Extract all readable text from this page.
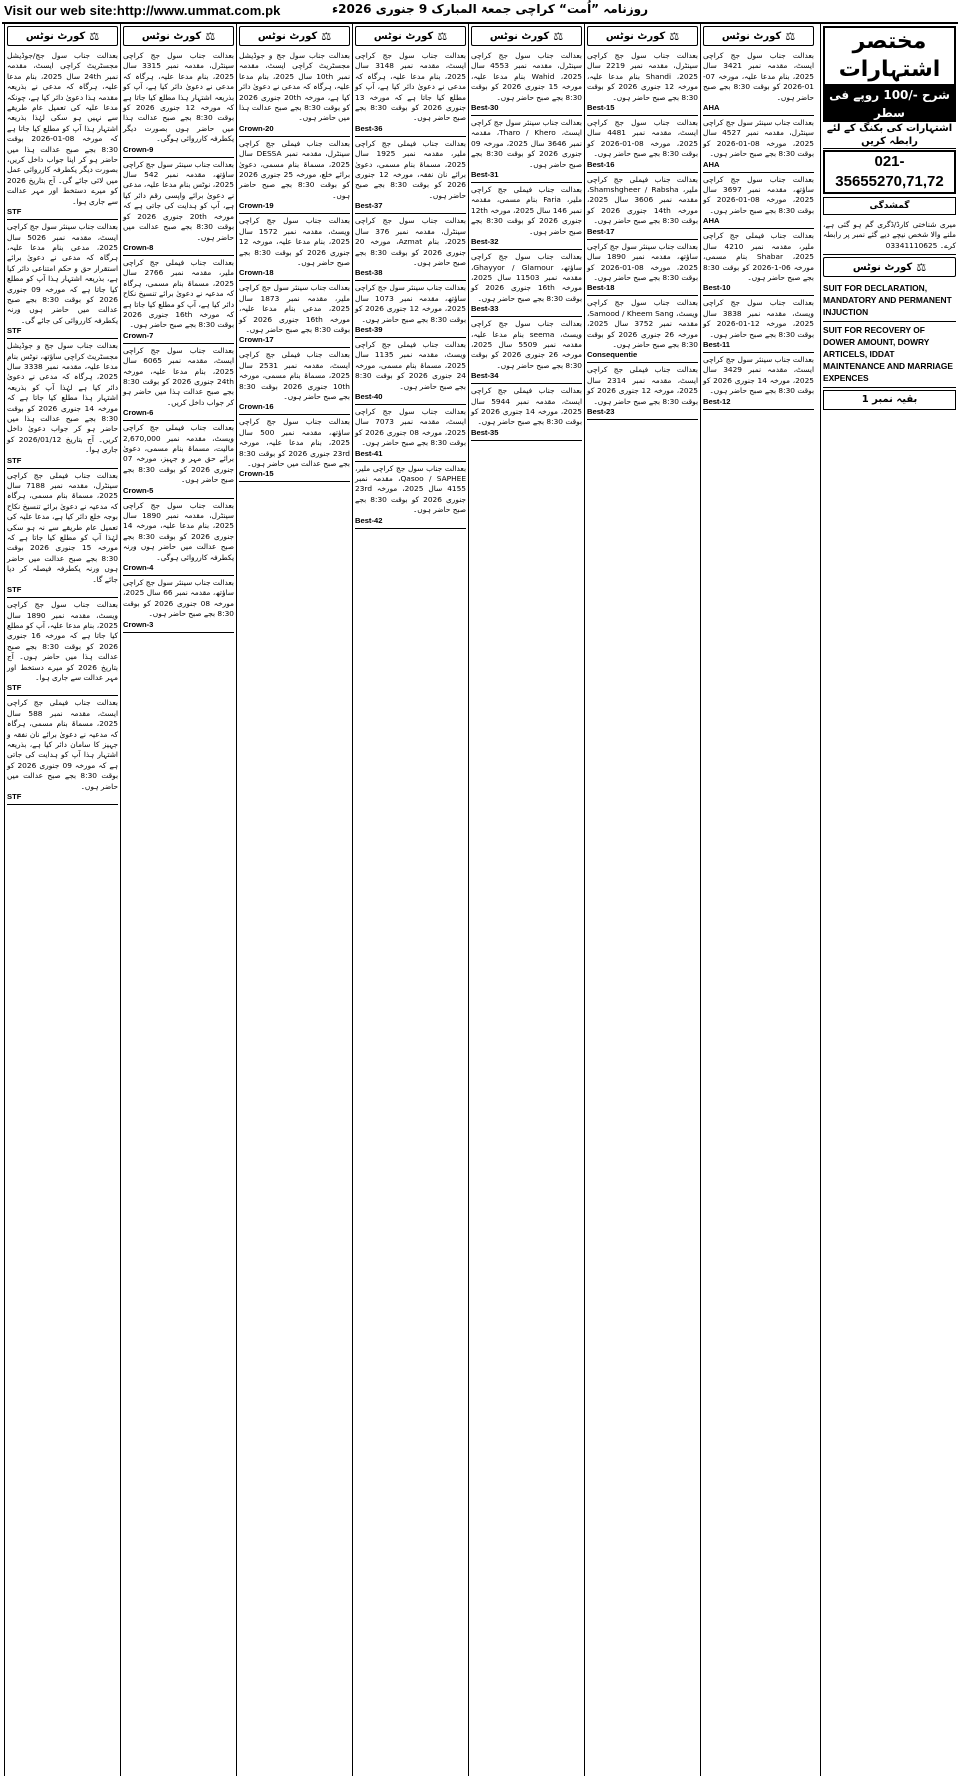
Visit our web site:http://www.ummat.com.pk	روزنامہ ”اُمت“ کراچی جمعۃ المبارک 9 جنوری 2026ء
⚖
کورٹ نوٹس
بعدالت جناب سول جج/جوڈیشل مجسٹریٹ کراچی ایسٹ، مقدمہ نمبر 24th سال 2025، بنام مدعا علیہ، ہرگاہ کہ مدعی نے بذریعہ مقدمہ ہذا دعویٰ دائر کیا ہے، چونکہ مدعا علیہ کی تعمیل عام طریقے سے نہیں ہو سکی لہٰذا بذریعہ اشتہار ہذا آپ کو مطلع کیا جاتا ہے کہ مورخہ 08-01-2026 بوقت 8:30 بجے صبح عدالت ہذا میں حاضر ہو کر اپنا جواب داخل کریں، بصورت دیگر یکطرفہ کارروائی عمل میں لائی جائے گی۔ آج بتاریخ 2026 کو میرے دستخط اور مہر عدالت سے جاری ہوا۔
STF
بعدالت جناب سینئر سول جج کراچی ایسٹ، مقدمہ نمبر 5026 سال 2025، مدعی بنام مدعا علیہ، ہرگاہ کہ مدعی نے دعویٰ برائے استقرار حق و حکم امتناعی دائر کیا ہے، بذریعہ اشتہار ہذا آپ کو مطلع کیا جاتا ہے کہ مورخہ 09 جنوری 2026 کو بوقت 8:30 بجے صبح عدالت میں حاضر ہوں ورنہ یکطرفہ کارروائی کی جائے گی۔
STF
بعدالت جناب سول جج و جوڈیشل مجسٹریٹ کراچی ساؤتھ، نوٹس بنام مدعا علیہ، مقدمہ نمبر 3338 سال 2025، ہرگاہ کہ مدعی نے دعویٰ دائر کیا ہے لہٰذا آپ کو بذریعہ اشتہار ہذا مطلع کیا جاتا ہے کہ مورخہ 14 جنوری 2026 کو بوقت 8:30 بجے صبح عدالت ہذا میں حاضر ہو کر جواب دعویٰ داخل کریں۔ آج بتاریخ 2026/01/12 کو جاری ہوا۔
STF
بعدالت جناب فیملی جج کراچی سینٹرل، مقدمہ نمبر 7188 سال 2025، مسماۃ بنام مسمی، ہرگاہ کہ مدعیہ نے دعویٰ برائے تنسیخ نکاح بوجہ خلع دائر کیا ہے، مدعا علیہ کی تعمیل عام طریقے سے نہ ہو سکی لہٰذا آپ کو مطلع کیا جاتا ہے کہ مورخہ 15 جنوری 2026 بوقت 8:30 بجے صبح عدالت میں حاضر ہوں ورنہ یکطرفہ فیصلہ کر دیا جائے گا۔
STF
بعدالت جناب سول جج کراچی ویسٹ، مقدمہ نمبر 1890 سال 2025، بنام مدعا علیہ، آپ کو مطلع کیا جاتا ہے کہ مورخہ 16 جنوری 2026 کو بوقت 8:30 بجے صبح عدالت ہذا میں حاضر ہوں۔ آج بتاریخ 2026 کو میرے دستخط اور مہر عدالت سے جاری ہوا۔
STF
بعدالت جناب فیملی جج کراچی ایسٹ، مقدمہ نمبر 588 سال 2025، مسماۃ بنام مسمی، ہرگاہ کہ مدعیہ نے دعویٰ برائے نان نفقہ و جہیز کا سامان دائر کیا ہے، بذریعہ اشتہار ہذا آپ کو ہدایت کی جاتی ہے کہ مورخہ 09 جنوری 2026 کو بوقت 8:30 بجے صبح عدالت میں حاضر ہوں۔
STF
⚖
کورٹ نوٹس
بعدالت جناب سول جج کراچی سینٹرل، مقدمہ نمبر 3315 سال 2025، بنام مدعا علیہ، ہرگاہ کہ مدعی نے دعویٰ دائر کیا ہے، آپ کو بذریعہ اشتہار ہذا مطلع کیا جاتا ہے کہ مورخہ 12 جنوری 2026 کو بوقت 8:30 بجے صبح عدالت ہذا میں حاضر ہوں بصورت دیگر یکطرفہ کارروائی ہوگی۔
Crown-9
بعدالت جناب سینئر سول جج کراچی ساؤتھ، مقدمہ نمبر 542 سال 2025، نوٹس بنام مدعا علیہ، مدعی نے دعویٰ برائے واپسی رقم دائر کیا ہے، آپ کو ہدایت کی جاتی ہے کہ مورخہ 20th جنوری 2026 کو بوقت 8:30 بجے صبح عدالت میں حاضر ہوں۔
Crown-8
بعدالت جناب فیملی جج کراچی ملیر، مقدمہ نمبر 2766 سال 2025، مسماۃ بنام مسمی، ہرگاہ کہ مدعیہ نے دعویٰ برائے تنسیخ نکاح دائر کیا ہے، آپ کو مطلع کیا جاتا ہے کہ مورخہ 16th جنوری 2026 بوقت 8:30 بجے صبح حاضر ہوں۔
Crown-7
بعدالت جناب سول جج کراچی ایسٹ، مقدمہ نمبر 6065 سال 2025، بنام مدعا علیہ، مورخہ 24th جنوری 2026 کو بوقت 8:30 بجے صبح عدالت ہذا میں حاضر ہو کر جواب داخل کریں۔
Crown-6
بعدالت جناب فیملی جج کراچی ویسٹ، مقدمہ نمبر 2,670,000 مالیت، مسماۃ بنام مسمی، دعویٰ برائے حق مہر و جہیز، مورخہ 07 جنوری 2026 کو بوقت 8:30 بجے صبح حاضر ہوں۔
Crown-5
بعدالت جناب سول جج کراچی سینٹرل، مقدمہ نمبر 1890 سال 2025، بنام مدعا علیہ، مورخہ 14 جنوری 2026 کو بوقت 8:30 بجے صبح عدالت میں حاضر ہوں ورنہ یکطرفہ کارروائی ہوگی۔
Crown-4
بعدالت جناب سینئر سول جج کراچی ساؤتھ، مقدمہ نمبر 66 سال 2025، مورخہ 08 جنوری 2026 کو بوقت 8:30 بجے صبح حاضر ہوں۔
Crown-3
⚖
کورٹ نوٹس
بعدالت جناب سول جج و جوڈیشل مجسٹریٹ کراچی ایسٹ، مقدمہ نمبر 10th سال 2025، بنام مدعا علیہ، ہرگاہ کہ مدعی نے دعویٰ دائر کیا ہے، مورخہ 20th جنوری 2026 کو بوقت 8:30 بجے صبح عدالت ہذا میں حاضر ہوں۔
Crown-20
بعدالت جناب فیملی جج کراچی سینٹرل، مقدمہ نمبر DESSA سال 2025، مسماۃ بنام مسمی، دعویٰ برائے خلع، مورخہ 25 جنوری 2026 کو بوقت 8:30 بجے صبح حاضر ہوں۔
Crown-19
بعدالت جناب سول جج کراچی ویسٹ، مقدمہ نمبر 1572 سال 2025، بنام مدعا علیہ، مورخہ 12 جنوری 2026 کو بوقت 8:30 بجے صبح حاضر ہوں۔
Crown-18
بعدالت جناب سینئر سول جج کراچی ملیر، مقدمہ نمبر 1873 سال 2025، مدعی بنام مدعا علیہ، مورخہ 16th جنوری 2026 کو بوقت 8:30 بجے صبح حاضر ہوں۔
Crown-17
بعدالت جناب فیملی جج کراچی ایسٹ، مقدمہ نمبر 2531 سال 2025، مسماۃ بنام مسمی، مورخہ 10th جنوری 2026 بوقت 8:30 بجے صبح حاضر ہوں۔
Crown-16
بعدالت جناب سول جج کراچی ساؤتھ، مقدمہ نمبر 500 سال 2025، بنام مدعا علیہ، مورخہ 23rd جنوری 2026 کو بوقت 8:30 بجے صبح عدالت میں حاضر ہوں۔
Crown-15
⚖
کورٹ نوٹس
بعدالت جناب سول جج کراچی ایسٹ، مقدمہ نمبر 3148 سال 2025، بنام مدعا علیہ، ہرگاہ کہ مدعی نے دعویٰ دائر کیا ہے، آپ کو مطلع کیا جاتا ہے کہ مورخہ 13 جنوری 2026 کو بوقت 8:30 بجے صبح حاضر ہوں۔
Best-36
بعدالت جناب فیملی جج کراچی ملیر، مقدمہ نمبر 1925 سال 2025، مسماۃ بنام مسمی، دعویٰ برائے نان نفقہ، مورخہ 12 جنوری 2026 کو بوقت 8:30 بجے صبح حاضر ہوں۔
Best-37
بعدالت جناب سول جج کراچی سینٹرل، مقدمہ نمبر 376 سال 2025، بنام Azmat، مورخہ 20 جنوری 2026 کو بوقت 8:30 بجے صبح حاضر ہوں۔
Best-38
بعدالت جناب سینئر سول جج کراچی ساؤتھ، مقدمہ نمبر 1073 سال 2025، مورخہ 12 جنوری 2026 کو بوقت 8:30 بجے صبح حاضر ہوں۔
Best-39
بعدالت جناب فیملی جج کراچی ویسٹ، مقدمہ نمبر 1135 سال 2025، مسماۃ بنام مسمی، مورخہ 24 جنوری 2026 کو بوقت 8:30 بجے صبح حاضر ہوں۔
Best-40
بعدالت جناب سول جج کراچی ایسٹ، مقدمہ نمبر 7073 سال 2025، مورخہ 08 جنوری 2026 کو بوقت 8:30 بجے صبح حاضر ہوں۔
Best-41
بعدالت جناب سول جج کراچی ملیر، Qasoo / SAPHEE، مقدمہ نمبر 4155 سال 2025، مورخہ 23rd جنوری 2026 کو بوقت 8:30 بجے صبح حاضر ہوں۔
Best-42
⚖
کورٹ نوٹس
بعدالت جناب سول جج کراچی سینٹرل، مقدمہ نمبر 4553 سال 2025، Wahid بنام مدعا علیہ، مورخہ 15 جنوری 2026 کو بوقت 8:30 بجے صبح حاضر ہوں۔
Best-30
بعدالت جناب سینئر سول جج کراچی ایسٹ، Tharo / Khero، مقدمہ نمبر 3646 سال 2025، مورخہ 09 جنوری 2026 کو بوقت 8:30 بجے صبح حاضر ہوں۔
Best-31
بعدالت جناب فیملی جج کراچی ملیر، Faria بنام مسمی، مقدمہ نمبر 146 سال 2025، مورخہ 12th جنوری 2026 کو بوقت 8:30 بجے صبح حاضر ہوں۔
Best-32
بعدالت جناب سول جج کراچی ساؤتھ، Ghayyor / Glamour، مقدمہ نمبر 11503 سال 2025، مورخہ 16th جنوری 2026 کو بوقت 8:30 بجے صبح حاضر ہوں۔
Best-33
بعدالت جناب سول جج کراچی ویسٹ، seema بنام مدعا علیہ، مقدمہ نمبر 5509 سال 2025، مورخہ 26 جنوری 2026 کو بوقت 8:30 بجے صبح حاضر ہوں۔
Best-34
بعدالت جناب فیملی جج کراچی ایسٹ، مقدمہ نمبر 5944 سال 2025، مورخہ 14 جنوری 2026 کو بوقت 8:30 بجے صبح حاضر ہوں۔
Best-35
⚖
کورٹ نوٹس
بعدالت جناب سول جج کراچی سینٹرل، مقدمہ نمبر 2219 سال 2025، Shandi بنام مدعا علیہ، مورخہ 12 جنوری 2026 کو بوقت 8:30 بجے صبح حاضر ہوں۔
Best-15
بعدالت جناب سول جج کراچی ایسٹ، مقدمہ نمبر 4481 سال 2025، مورخہ 08-01-2026 کو بوقت 8:30 بجے صبح حاضر ہوں۔
Best-16
بعدالت جناب فیملی جج کراچی ملیر، Shamshgheer / Rabsha، مقدمہ نمبر 3606 سال 2025، مورخہ 14th جنوری 2026 کو بوقت 8:30 بجے صبح حاضر ہوں۔
Best-17
بعدالت جناب سینئر سول جج کراچی ساؤتھ، مقدمہ نمبر 1890 سال 2025، مورخہ 08-01-2026 کو بوقت 8:30 بجے صبح حاضر ہوں۔
Best-18
بعدالت جناب سول جج کراچی ویسٹ، Samood / Kheem Sang، مقدمہ نمبر 3752 سال 2025، مورخہ 26 جنوری 2026 کو بوقت 8:30 بجے صبح حاضر ہوں۔
Consequentie
بعدالت جناب فیملی جج کراچی ایسٹ، مقدمہ نمبر 2314 سال 2025، مورخہ 12 جنوری 2026 کو بوقت 8:30 بجے صبح حاضر ہوں۔
Best-23
⚖
کورٹ نوٹس
بعدالت جناب سول جج کراچی ایسٹ، مقدمہ نمبر 3421 سال 2025، بنام مدعا علیہ، مورخہ 07-01-2026 کو بوقت 8:30 بجے صبح حاضر ہوں۔
AHA
بعدالت جناب سینئر سول جج کراچی سینٹرل، مقدمہ نمبر 4527 سال 2025، مورخہ 08-01-2026 کو بوقت 8:30 بجے صبح حاضر ہوں۔
AHA
بعدالت جناب سول جج کراچی ساؤتھ، مقدمہ نمبر 3697 سال 2025، مورخہ 08-01-2026 کو بوقت 8:30 بجے صبح حاضر ہوں۔
AHA
بعدالت جناب فیملی جج کراچی ملیر، مقدمہ نمبر 4210 سال 2025، Shabar بنام مسمی، مورخہ 06-1-2026 کو بوقت 8:30 بجے صبح حاضر ہوں۔
Best-10
بعدالت جناب سول جج کراچی ویسٹ، مقدمہ نمبر 3838 سال 2025، مورخہ 12-01-2026 کو بوقت 8:30 بجے صبح حاضر ہوں۔
Best-11
بعدالت جناب سینئر سول جج کراچی ایسٹ، مقدمہ نمبر 3429 سال 2025، مورخہ 14 جنوری 2026 کو بوقت 8:30 بجے صبح حاضر ہوں۔
Best-12
مختصر اشتہارات
شرح -/100 روپے فی سطر
اشتہارات کی بکنگ کے لئے رابطہ کریں
021-35655270,71,72
گمشدگی
میری شناختی کارڈ/ڈگری گم ہو گئی ہے، ملنے والا شخص نیچے دیے گئے نمبر پر رابطہ کرے۔ 03341110625
⚖
کورٹ نوٹس
SUIT FOR DECLARATION, MANDATORY AND PERMANENT INJUCTION
SUIT FOR RECOVERY OF DOWER AMOUNT, DOWRY ARTICELS, IDDAT MAINTENANCE AND MARRIAGE EXPENCES
بقیہ نمبر 1
